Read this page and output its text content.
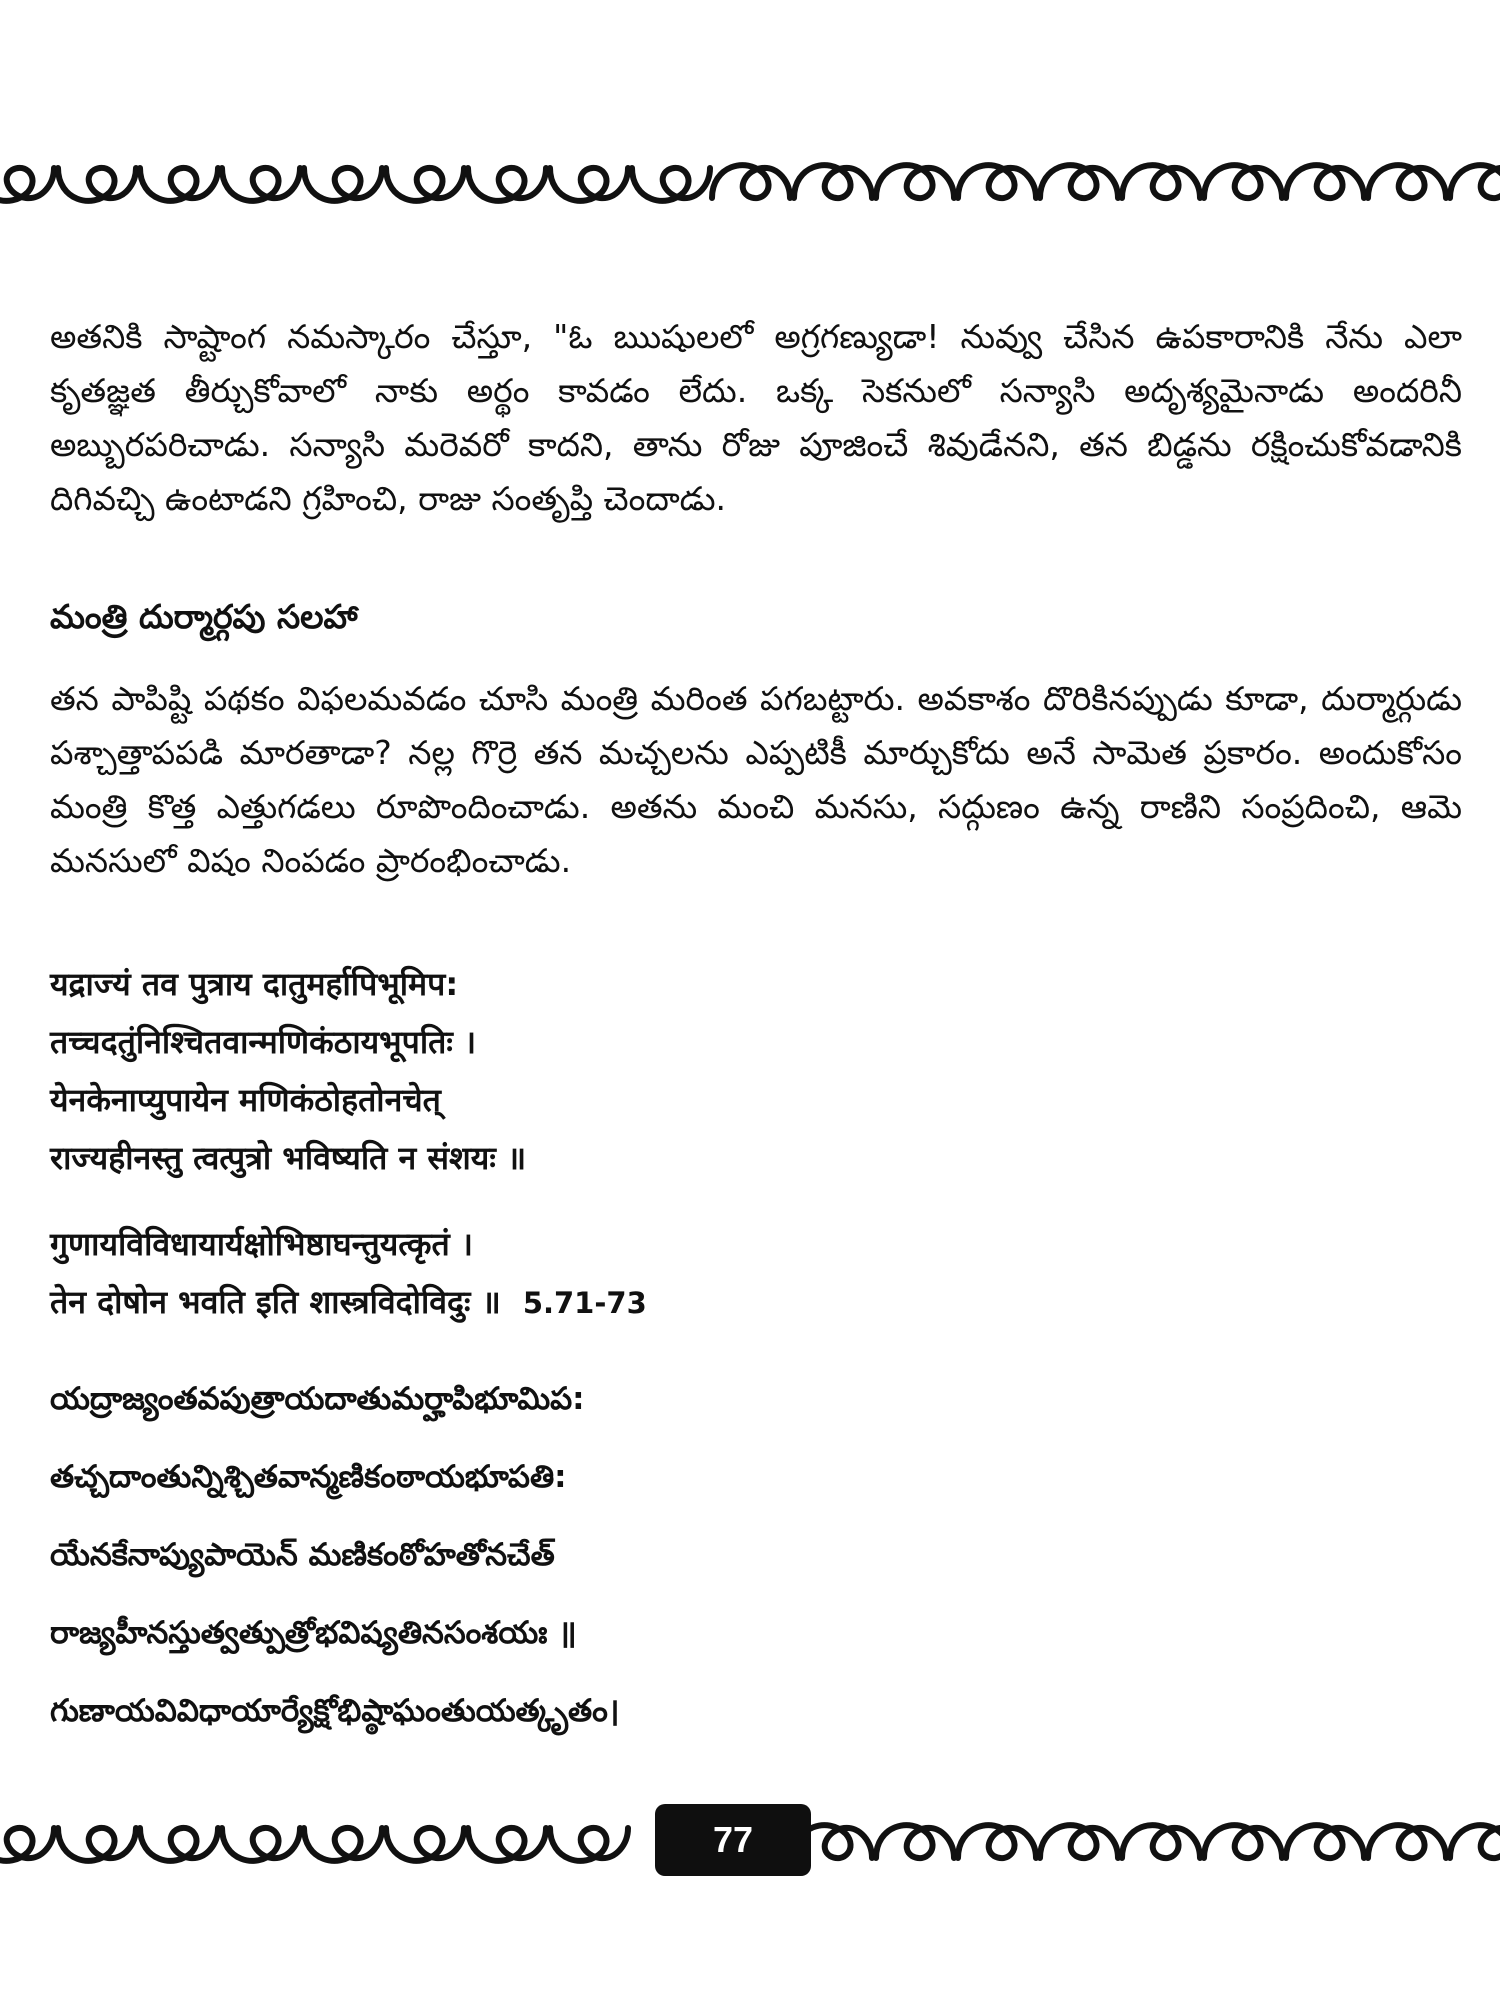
అతనికి సాష్టాంగ నమస్కారం చేస్తూ, "ఓ ఋషులలో అగ్రగణ్యుడా! నువ్వు చేసిన ఉపకారానికి నేను ఎలా కృతజ్ఞత తీర్చుకోవాలో నాకు అర్థం కావడం లేదు. ఒక్క సెకనులో సన్యాసి అదృశ్యమైనాడు అందరినీ అబ్బురపరిచాడు. సన్యాసి మరెవరో కాదని, తాను రోజు పూజించే శివుడేనని, తన బిడ్డను రక్షించుకోవడానికి దిగివచ్చి ఉంటాడని గ్రహించి, రాజు సంతృప్తి చెందాడు.

మంత్రి దుర్మార్గపు సలహా

తన పాపిష్టి పథకం విఫలమవడం చూసి మంత్రి మరింత పగబట్టారు. అవకాశం దొరికినప్పుడు కూడా, దుర్మార్గుడు పశ్చాత్తాపపడి మారతాడా? నల్ల గొర్రె తన మచ్చలను ఎప్పటికీ మార్చుకోదు అనే సామెత ప్రకారం. అందుకోసం మంత్రి కొత్త ఎత్తుగడలు రూపొందించాడు. అతను మంచి మనసు, సద్గుణం ఉన్న రాణిని సంప్రదించి, ఆమె మనసులో విషం నింపడం ప్రారంభించాడు.

यद्राज्यं तव पुत्राय दातुमर्हापिभूमिप:

तच्चदतुंनिश्चितवान्मणिकंठायभूपतिः ।

येनकेनाप्युपायेन मणिकंठोहतोनचेत्

राज्यहीनस्तु त्वत्पुत्रो भविष्यति न संशयः ॥

गुणायविविधायार्यक्षोभिष्ठाघन्तुयत्कृतं ।

तेन दोषोन भवति इति शास्त्रविदोविदुः ॥ 5.71-73

యద్రాజ్యంతవపుత్రాయదాతుమర్హాపిభూమిప:

తచ్చదాంతున్నిశ్చితవాన్మణికంఠాయభూపతి:

యేనకేనాప్యుపాయెన్ మణికంఠోహతోనచేత్

రాజ్యహీనస్తుత్వత్పుత్రోభవిష్యతినసంశయః ॥

గుణాయవివిధాయార్యేక్షోభిష్ఠాఘంతుయత్కృతం।

77
